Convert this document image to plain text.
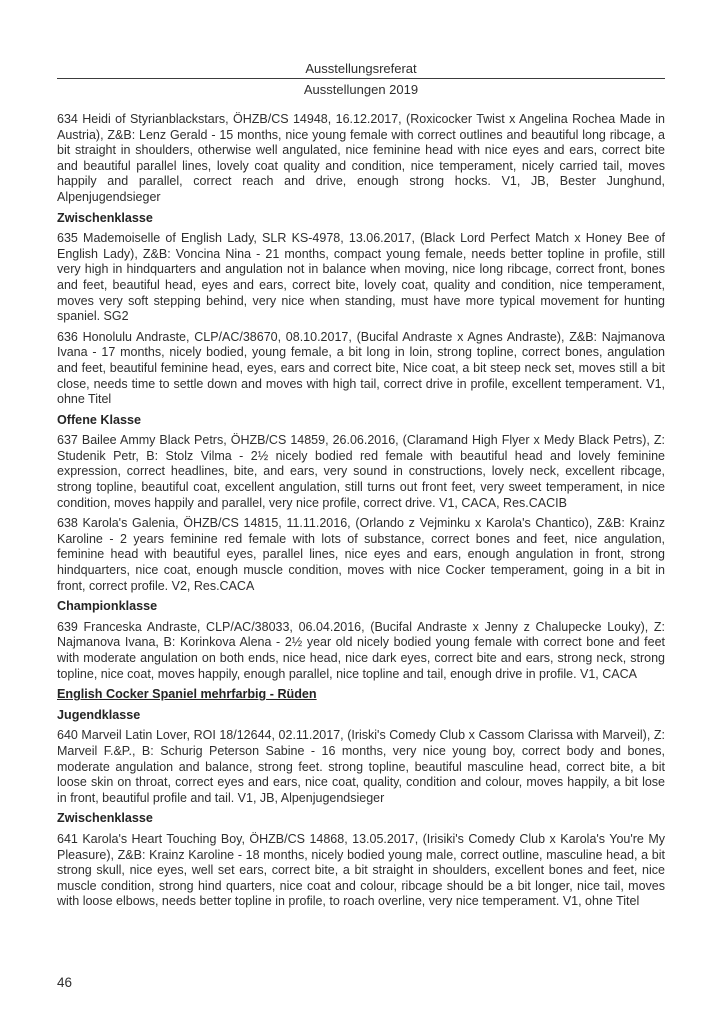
Ausstellungsreferat
Ausstellungen 2019

634 Heidi of Styrianblackstars, ÖHZB/CS 14948, 16.12.2017, (Roxicocker Twist x Angelina Rochea Made in Austria), Z&B: Lenz Gerald - 15 months, nice young female with correct outlines and beautiful long ribcage, a bit straight in shoulders, otherwise well angulated, nice feminine head with nice eyes and ears, correct bite and beautiful parallel lines, lovely coat quality and condition, nice temperament, nicely carried tail, moves happily and parallel, correct reach and drive, enough strong hocks. V1, JB, Bester Junghund, Alpenjugendsieger

Zwischenklasse

635 Mademoiselle of English Lady, SLR KS-4978, 13.06.2017, (Black Lord Perfect Match x Honey Bee of English Lady), Z&B: Voncina Nina - 21 months, compact young female, needs better topline in profile, still very high in hindquarters and angulation not in balance when moving, nice long ribcage, correct front, bones and feet, beautiful head, eyes and ears, correct bite, lovely coat, quality and condition, nice temperament, moves very soft stepping behind, very nice when standing, must have more typical movement for hunting spaniel. SG2

636 Honolulu Andraste, CLP/AC/38670, 08.10.2017, (Bucifal Andraste x Agnes Andraste), Z&B: Najmanova Ivana - 17 months, nicely bodied, young female, a bit long in loin, strong topline, correct bones, angulation and feet, beautiful feminine head, eyes, ears and correct bite, Nice coat, a bit steep neck set, moves still a bit close, needs time to settle down and moves with high tail, correct drive in profile, excellent temperament. V1, ohne Titel

Offene Klasse

637 Bailee Ammy Black Petrs, ÖHZB/CS 14859, 26.06.2016, (Claramand High Flyer x Medy Black Petrs), Z: Studenik Petr, B: Stolz Vilma - 2½ nicely bodied red female with beautiful head and lovely feminine expression, correct headlines, bite, and ears, very sound in constructions, lovely neck, excellent ribcage, strong topline, beautiful coat, excellent angulation, still turns out front feet, very sweet temperament, in nice condition, moves happily and parallel, very nice profile, correct drive. V1, CACA, Res.CACIB

638 Karola's Galenia, ÖHZB/CS 14815, 11.11.2016, (Orlando z Vejminku x Karola's Chantico), Z&B: Krainz Karoline - 2 years feminine red female with lots of substance, correct bones and feet, nice angulation, feminine head with beautiful eyes, parallel lines, nice eyes and ears, enough angulation in front, strong hindquarters, nice coat, enough muscle condition, moves with nice Cocker temperament, going in a bit in front, correct profile. V2, Res.CACA

Championklasse

639 Franceska Andraste, CLP/AC/38033, 06.04.2016, (Bucifal Andraste x Jenny z Chalupecke Louky), Z: Najmanova Ivana, B: Korinkova Alena - 2½ year old nicely bodied young female with correct bone and feet with moderate angulation on both ends, nice head, nice dark eyes, correct bite and ears, strong neck, strong topline, nice coat, moves happily, enough parallel, nice topline and tail, enough drive in profile. V1, CACA

English Cocker Spaniel mehrfarbig - Rüden

Jugendklasse

640 Marveil Latin Lover, ROI 18/12644, 02.11.2017, (Iriski's Comedy Club x Cassom Clarissa with Marveil), Z: Marveil F.&P., B: Schurig Peterson Sabine - 16 months, very nice young boy, correct body and bones, moderate angulation and balance, strong feet. strong topline, beautiful masculine head, correct bite, a bit loose skin on throat, correct eyes and ears, nice coat, quality, condition and colour, moves happily, a bit lose in front, beautiful profile and tail. V1, JB, Alpenjugendsieger

Zwischenklasse

641 Karola's Heart Touching Boy, ÖHZB/CS 14868, 13.05.2017, (Irisiki's Comedy Club x Karola's You're My Pleasure), Z&B: Krainz Karoline - 18 months, nicely bodied young male, correct outline, masculine head, a bit strong skull, nice eyes, well set ears, correct bite, a bit straight in shoulders, excellent bones and feet, nice muscle condition, strong hind quarters, nice coat and colour, ribcage should be a bit longer, nice tail, moves with loose elbows, needs better topline in profile, to roach overline, very nice temperament. V1, ohne Titel

46
